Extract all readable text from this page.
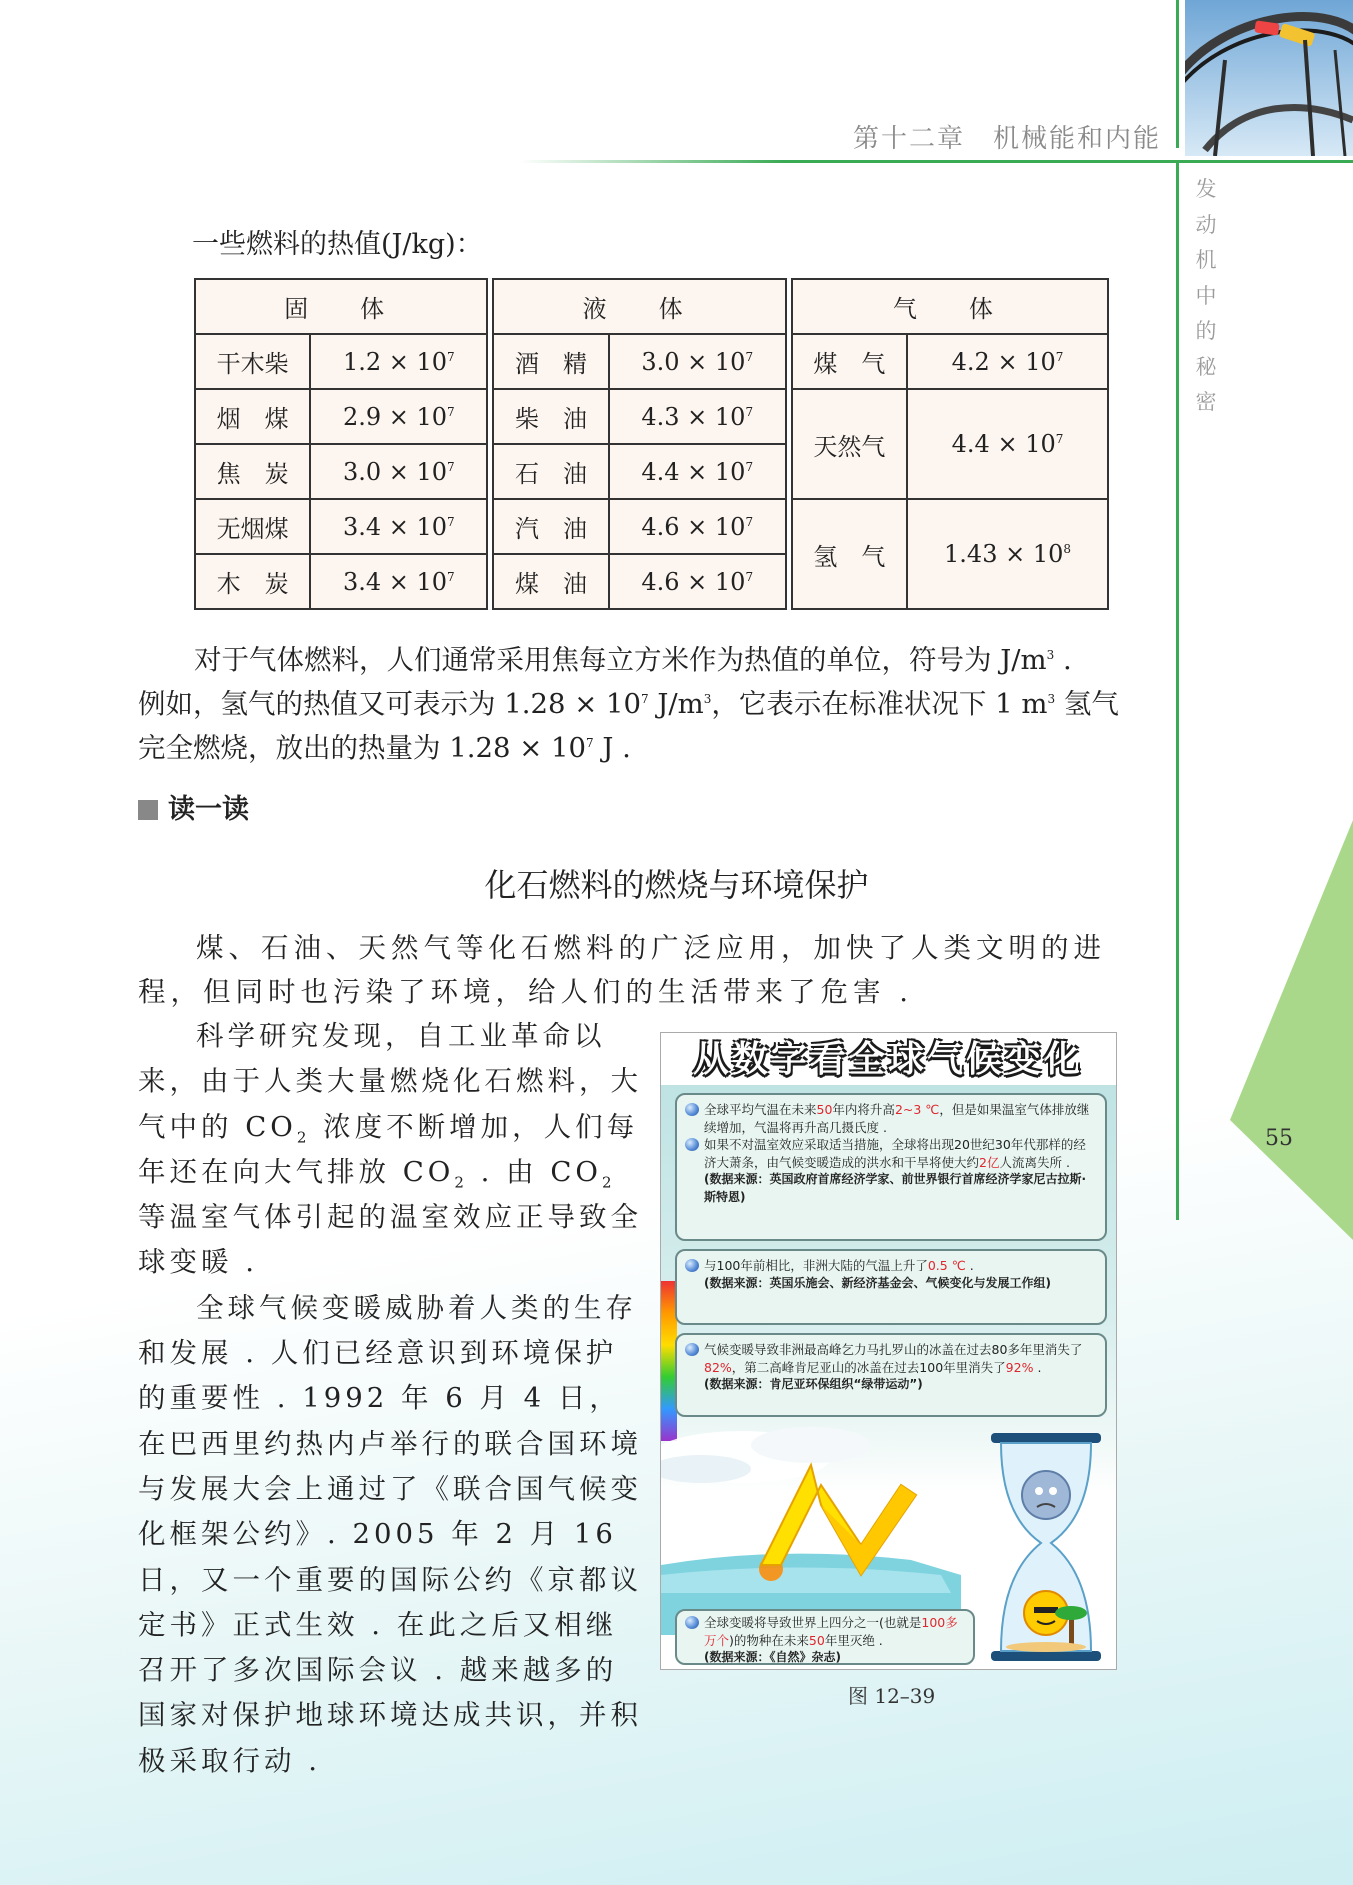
第十二章　机械能和内能
发
动
机
中
的
秘
密
55
一些燃料的热值(J/kg)：
固　体			液　体			气　体	
干木柴	$1.2 \times 10^7$		酒　精	$3.0 \times 10^7$		煤　气	$4.2 \times 10^7$
烟　煤	$2.9 \times 10^7$		柴　油	$4.3 \times 10^7$		天然气	$4.4 \times 10^7$
焦　炭	$3.0 \times 10^7$		石　油	$4.4 \times 10^7$
无烟煤	$3.4 \times 10^7$		汽　油	$4.6 \times 10^7$		氢　气	$1.43 \times 10^8$
木　炭	$3.4 \times 10^7$		煤　油	$4.6 \times 10^7$
对于气体燃料，人们通常采用焦每立方米作为热值的单位，符号为 $J/m^3$ .
例如，氢气的热值又可表示为 $1.28 \times 10^7$ $J/m^3$，它表示在标准状况下 1 $m^3$ 氢气
完全燃烧，放出的热量为 $1.28 \times 10^7$ J .
读一读
化石燃料的燃烧与环境保护
煤、石油、天然气等化石燃料的广泛应用，加快了人类文明的进程，但同时也污染了环境，给人们的生活带来了危害 .
科学研究发现，自工业革命以来，由于人类大量燃烧化石燃料，大气中的 $CO_2$ 浓度不断增加，人们每年还在向大气排放 $CO_2$ . 由 $CO_2$ 等温室气体引起的温室效应正导致全球变暖 .
全球气候变暖威胁着人类的生存和发展 . 人们已经意识到环境保护的重要性 . 1992 年 6 月 4 日，在巴西里约热内卢举行的联合国环境与发展大会上通过了《联合国气候变化框架公约》. 2005 年 2 月 16 日，又一个重要的国际公约《京都议定书》正式生效 . 在此之后又相继召开了多次国际会议 . 越来越多的国家对保护地球环境达成共识，并积极采取行动 .
从数字看全球气候变化
全球平均气温在未来50年内将升高2~3 ℃，但是如果温室气体排放继续增加，气温将再升高几摄氏度 .
如果不对温室效应采取适当措施，全球将出现20世纪30年代那样的经济大萧条，由气候变暖造成的洪水和干旱将使大约2亿人流离失所 .
(数据来源：英国政府首席经济学家、前世界银行首席经济学家尼古拉斯·斯特恩)
与100年前相比，非洲大陆的气温上升了0.5 ℃ .
(数据来源：英国乐施会、新经济基金会、气候变化与发展工作组)
气候变暖导致非洲最高峰乞力马扎罗山的冰盖在过去80多年里消失了82%，第二高峰肯尼亚山的冰盖在过去100年里消失了92% .
(数据来源：肯尼亚环保组织“绿带运动”)
全球变暖将导致世界上四分之一(也就是100多万个)的物种在未来50年里灭绝 .
(数据来源：《自然》杂志)
图 12–39
